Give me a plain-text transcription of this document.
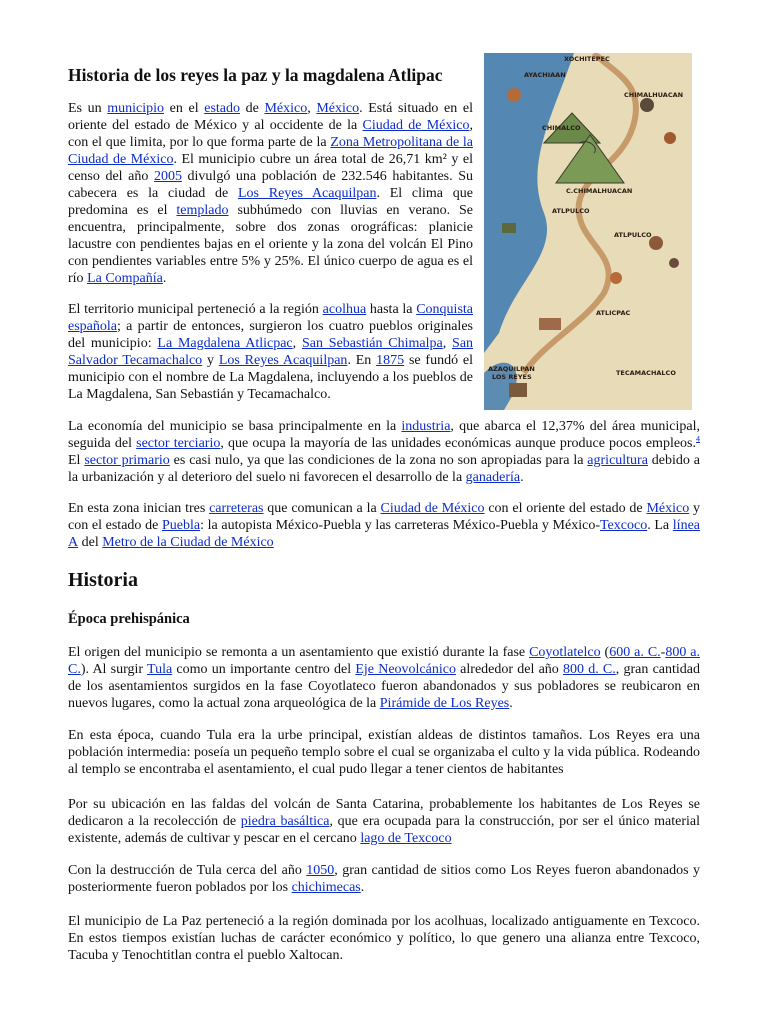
Historia de los reyes la paz y la magdalena Atlipac

Es un municipio en el estado de México, México. Está situado en el oriente del estado de México y al occidente de la Ciudad de México, con el que limita, por lo que forma parte de la Zona Metropolitana de la Ciudad de México. El municipio cubre un área total de 26,71 km² y el censo del año 2005 divulgó una población de 232.546 habitantes. Su cabecera es la ciudad de Los Reyes Acaquilpan. El clima que predomina es el templado subhúmedo con lluvias en verano. Se encuentra, principalmente, sobre dos zonas orográficas: planicie lacustre con pendientes bajas en el oriente y la zona del volcán El Pino con pendientes variables entre 5% y 25%. El único cuerpo de agua es el río La Compañía.

El territorio municipal perteneció a la región acolhua hasta la Conquista española; a partir de entonces, surgieron los cuatro pueblos originales del municipio: La Magdalena Atlicpac, San Sebastián Chimalpa, San Salvador Tecamachalco y Los Reyes Acaquilpan. En 1875 se fundó el municipio con el nombre de La Magdalena, incluyendo a los pueblos de La Magdalena, San Sebastián y Tecamachalco.

XOCHITEPEC
AYACHIAAN
CHIMALHUACAN
CHIMALCO
C.CHIMALHUACAN
ATLPULCO
ATLPULCO
ATLICPAC
AZAQUILPAN
LOS REYES	TECAMACHALCO

La economía del municipio se basa principalmente en la industria, que abarca el 12,37% del área municipal, seguida del sector terciario, que ocupa la mayoría de las unidades económicas aunque produce pocos empleos.$^4$ El sector primario es casi nulo, ya que las condiciones de la zona no son apropiadas para la agricultura debido a la urbanización y al deterioro del suelo ni favorecen el desarrollo de la ganadería.

En esta zona inician tres carreteras que comunican a la Ciudad de México con el oriente del estado de México y con el estado de Puebla: la autopista México-Puebla y las carreteras México-Puebla y México-Texcoco. La línea A del Metro de la Ciudad de México

Historia
Época prehispánica

El origen del municipio se remonta a un asentamiento que existió durante la fase Coyotlatelco (600 a. C.-800 a. C.). Al surgir Tula como un importante centro del Eje Neovolcánico alrededor del año 800 d. C., gran cantidad de los asentamientos surgidos en la fase Coyotlateco fueron abandonados y sus pobladores se reubicaron en nuevos lugares, como la actual zona arqueológica de la Pirámide de Los Reyes.

En esta época, cuando Tula era la urbe principal, existían aldeas de distintos tamaños. Los Reyes era una población intermedia: poseía un pequeño templo sobre el cual se organizaba el culto y la vida pública. Rodeando al templo se encontraba el asentamiento, el cual pudo llegar a tener cientos de habitantes

Por su ubicación en las faldas del volcán de Santa Catarina, probablemente los habitantes de Los Reyes se dedicaron a la recolección de piedra basáltica, que era ocupada para la construcción, por ser el único material existente, además de cultivar y pescar en el cercano lago de Texcoco

Con la destrucción de Tula cerca del año 1050, gran cantidad de sitios como Los Reyes fueron abandonados y posteriormente fueron poblados por los chichimecas.

El municipio de La Paz perteneció a la región dominada por los acolhuas, localizado antiguamente en Texcoco. En estos tiempos existían luchas de carácter económico y político, lo que genero una alianza entre Texcoco, Tacuba y Tenochtitlan contra el pueblo Xaltocan.
